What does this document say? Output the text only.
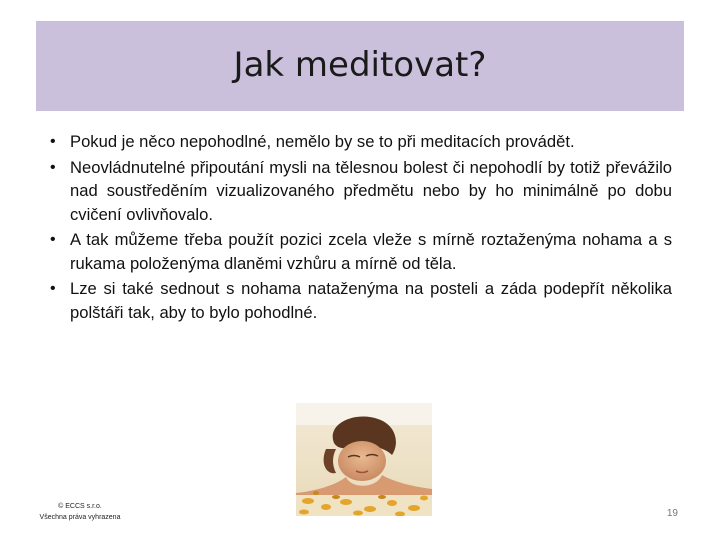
Jak meditovat?
• Pokud je něco nepohodlné, nemělo by se to při meditacích provádět.
• Neovládnutelné připoutání mysli na tělesnou bolest či nepohodlí by totiž převážilo nad soustředěním vizualizovaného předmětu nebo by ho minimálně po dobu cvičení ovlivňovalo.
• A tak můžeme třeba použít pozici zcela vleže s mírně roztaženýma nohama a s rukama položenýma dlaněmi vzhůru a mírně od těla.
• Lze si také sednout s nohama nataženýma na posteli a záda podepřít několika polštáři tak, aby to bylo pohodlné.
© ECCS s.r.o.
Všechna práva vyhrazena	19
